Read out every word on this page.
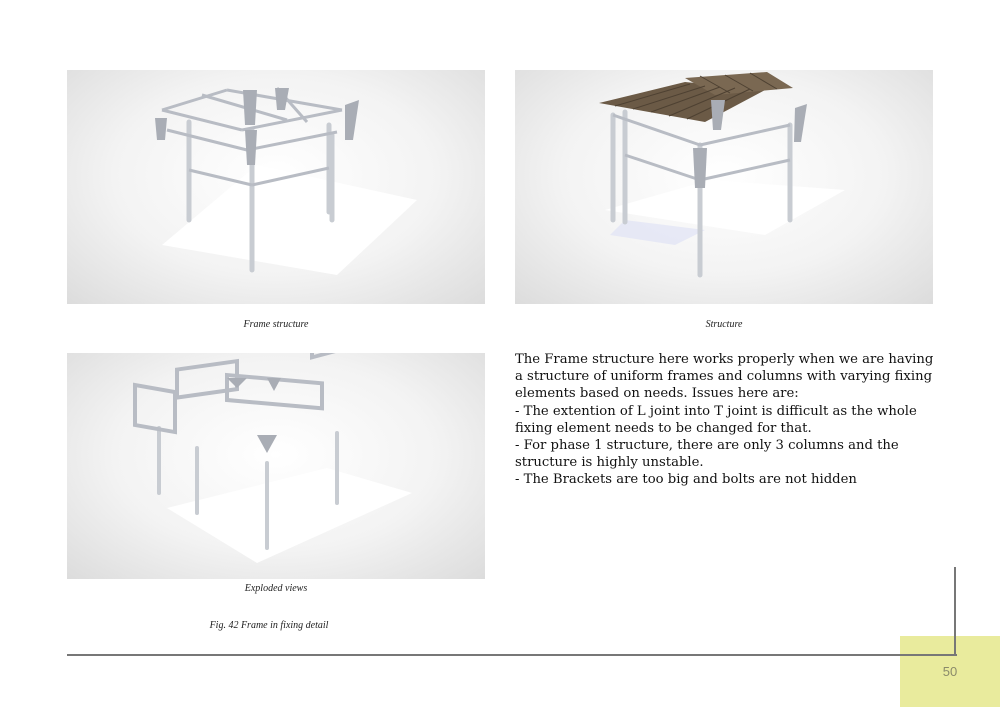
Frame structure	Structure
Exploded views
Fig. 42 Frame in fixing detail

The Frame structure here works properly when we are having a structure of uniform frames and columns with varying fixing elements based on needs. Issues here are:

- The extention of L joint into T joint is difficult as the whole fixing element needs to be changed for that.

- For phase 1 structure, there are only 3 columns and the structure is highly unstable.

- The Brackets are too big and bolts are not hidden

50
